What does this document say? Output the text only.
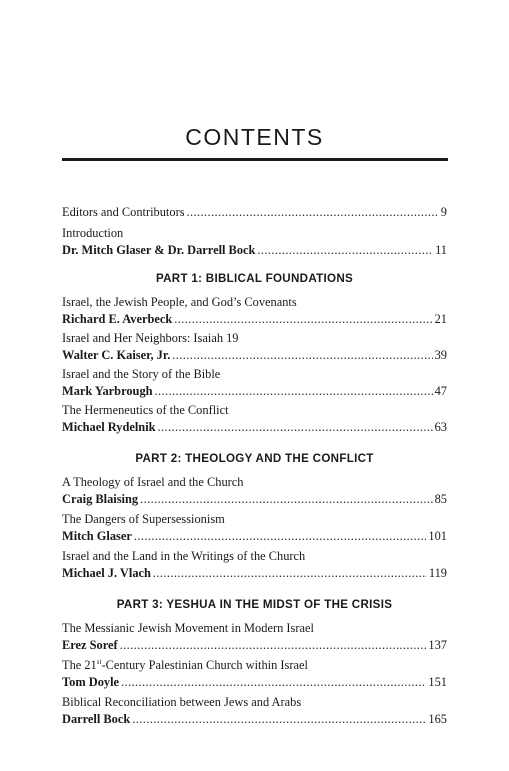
CONTENTS
Editors and Contributors .....	9
Introduction
Dr. Mitch Glaser & Dr. Darrell Bock .....	11
PART 1: BIBLICAL FOUNDATIONS
Israel, the Jewish People, and God’s Covenants
Richard E. Averbeck .....	21
Israel and Her Neighbors: Isaiah 19
Walter C. Kaiser, Jr. .....	39
Israel and the Story of the Bible
Mark Yarbrough .....	47
The Hermeneutics of the Conflict
Michael Rydelnik .....	63
PART 2: THEOLOGY AND THE CONFLICT
A Theology of Israel and the Church
Craig Blaising .....	85
The Dangers of Supersessionism
Mitch Glaser .....	101
Israel and the Land in the Writings of the Church
Michael J. Vlach .....	119
PART 3: YESHUA IN THE MIDST OF THE CRISIS
The Messianic Jewish Movement in Modern Israel
Erez Soref .....	137
The 21st-Century Palestinian Church within Israel
Tom Doyle .....	151
Biblical Reconciliation between Jews and Arabs
Darrell Bock .....	165
